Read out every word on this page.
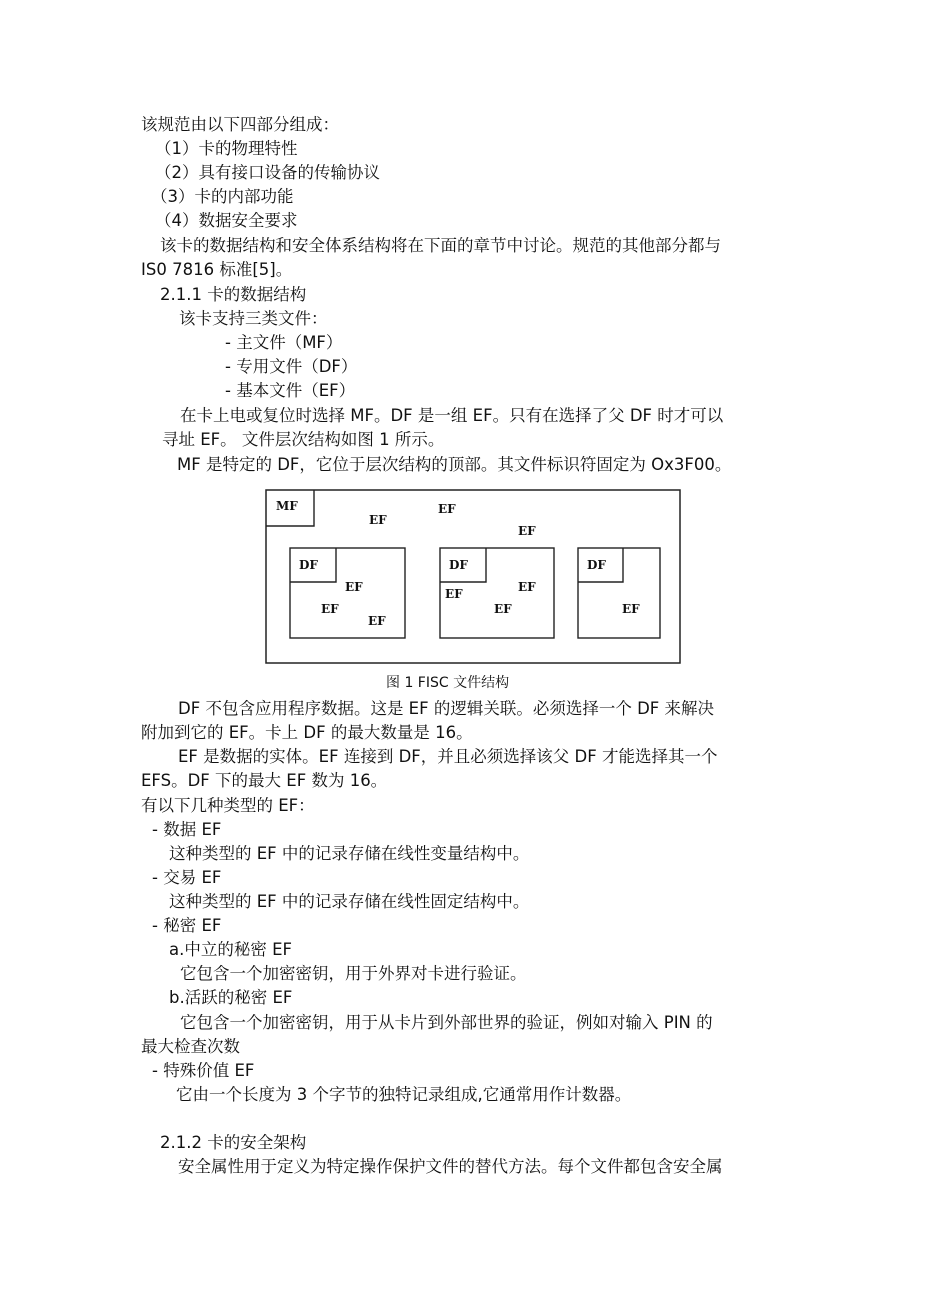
该规范由以下四部分组成：
（1）卡的物理特性
（2）具有接口设备的传输协议
（3）卡的内部功能
（4）数据安全要求
该卡的数据结构和安全体系结构将在下面的章节中讨论。规范的其他部分都与
IS0 7816 标准[5]。
2.1.1 卡的数据结构
该卡支持三类文件：
- 主文件（MF）
- 专用文件（DF）
- 基本文件（EF）
在卡上电或复位时选择 MF。DF 是一组 EF。只有在选择了父 DF 时才可以
寻址 EF。 文件层次结构如图 1 所示。
MF 是特定的 DF，它位于层次结构的顶部。其文件标识符固定为 Ox3F00。
MF
EF
EF
EF
DF
EF
EF
EF
DF
EF	EF
EF
DF
EF
图 1 FISC 文件结构
DF 不包含应用程序数据。这是 EF 的逻辑关联。必须选择一个 DF 来解决
附加到它的 EF。卡上 DF 的最大数量是 16。
EF 是数据的实体。EF 连接到 DF，并且必须选择该父 DF 才能选择其一个
EFS。DF 下的最大 EF 数为 16。
有以下几种类型的 EF：
- 数据 EF
这种类型的 EF 中的记录存储在线性变量结构中。
- 交易 EF
这种类型的 EF 中的记录存储在线性固定结构中。
- 秘密 EF
a.中立的秘密 EF
它包含一个加密密钥，用于外界对卡进行验证。
b.活跃的秘密 EF
它包含一个加密密钥，用于从卡片到外部世界的验证，例如对输入 PIN 的
最大检查次数
- 特殊价值 EF
它由一个长度为 3 个字节的独特记录组成,它通常用作计数器。
2.1.2 卡的安全架构
安全属性用于定义为特定操作保护文件的替代方法。每个文件都包含安全属
